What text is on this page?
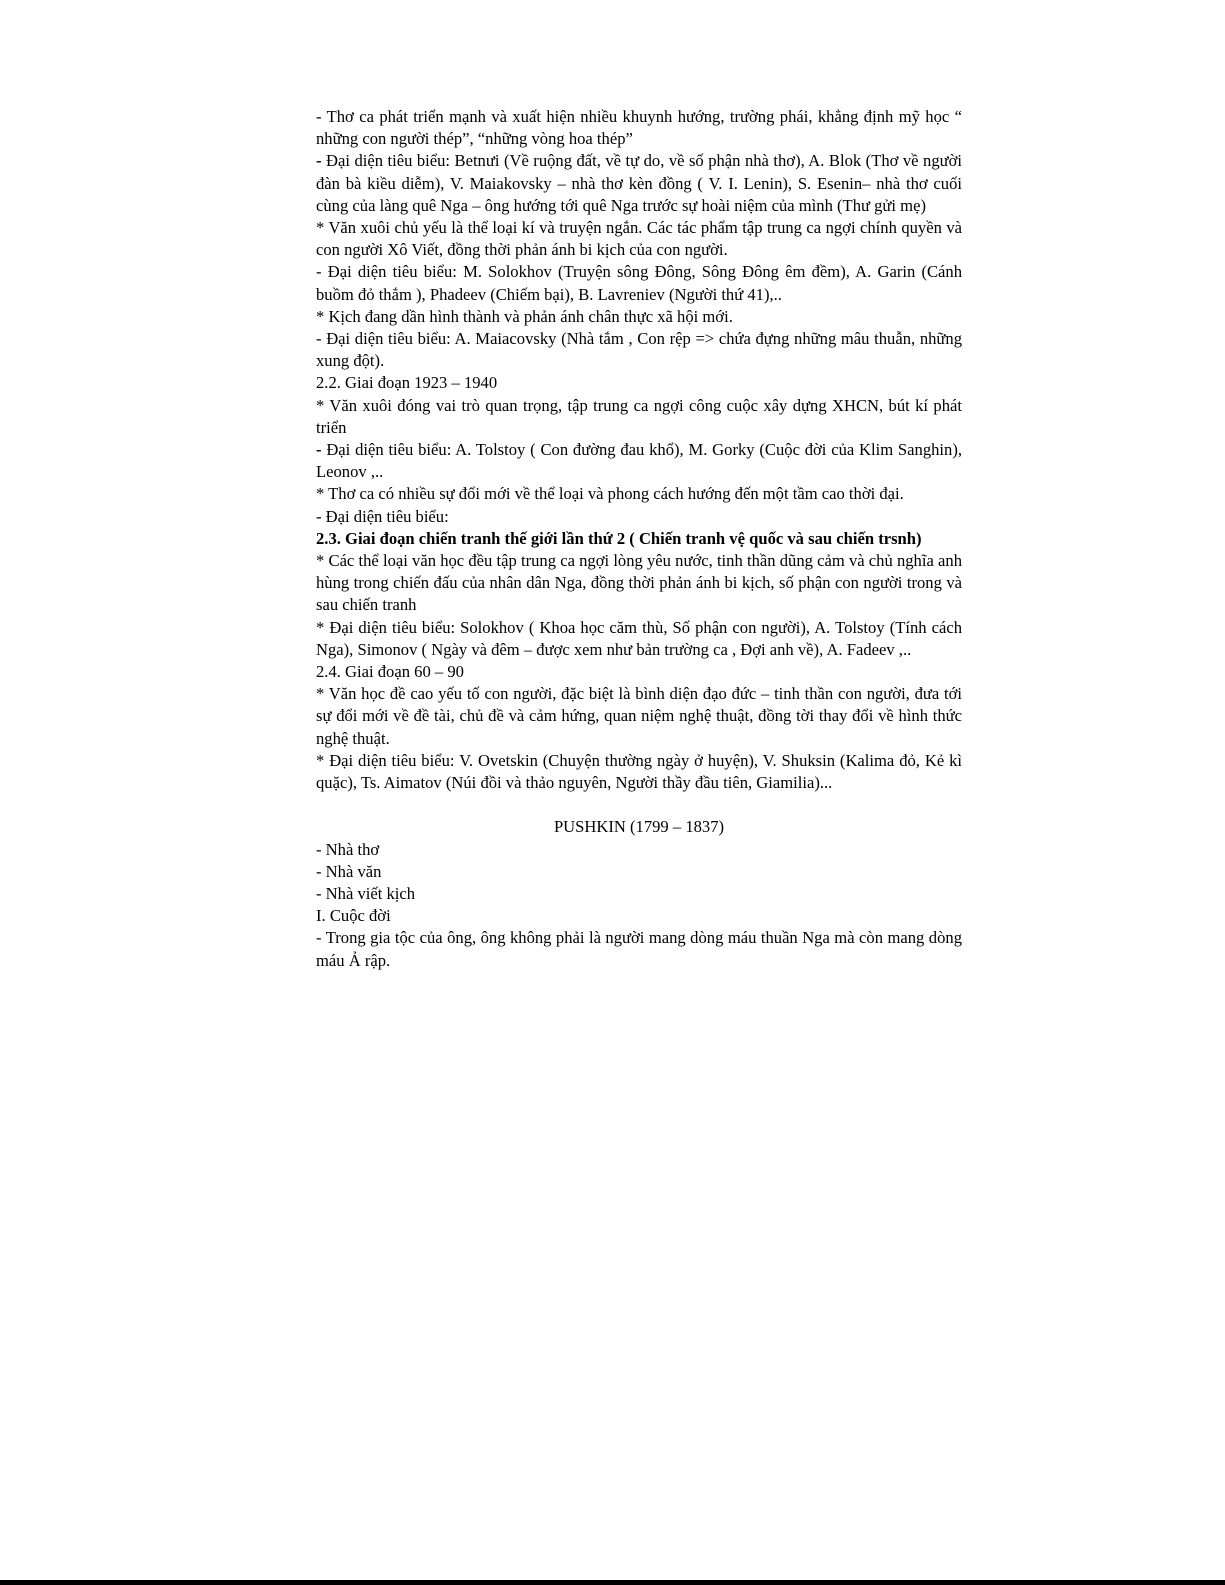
- Thơ ca phát triển mạnh và xuất hiện nhiều khuynh hướng, trường phái, khẳng định mỹ học “ những con người thép”, “những vòng hoa thép”

- Đại diện tiêu biểu: Betnưi (Về ruộng đất, về tự do, về số phận nhà thơ), A. Blok (Thơ về người đàn bà kiều diễm), V. Maiakovsky – nhà thơ kèn đồng ( V. I. Lenin), S. Esenin– nhà thơ cuối cùng của làng quê Nga – ông hướng tới quê Nga trước sự hoài niệm của mình (Thư gửi mẹ)

* Văn xuôi chủ yếu là thể loại kí và truyện ngắn. Các tác phẩm tập trung ca ngợi chính quyền và con người Xô Viết, đồng thời phản ánh bi kịch của con người.

- Đại diện tiêu biểu: M. Solokhov (Truyện sông Đông, Sông Đông êm đềm), A. Garin (Cánh buồm đỏ thắm ), Phadeev (Chiếm bại), B. Lavreniev (Người thứ 41),..

* Kịch đang dần hình thành và phản ánh chân thực xã hội mới.

- Đại diện tiêu biểu: A. Maiacovsky (Nhà tắm , Con rệp => chứa đựng những mâu thuẫn, những xung đột).

2.2. Giai đoạn 1923 – 1940

* Văn xuôi đóng vai trò quan trọng, tập trung ca ngợi công cuộc xây dựng XHCN, bút kí phát triển

- Đại diện tiêu biểu: A. Tolstoy ( Con đường đau khổ), M. Gorky (Cuộc đời của Klim Sanghin), Leonov ,..

* Thơ ca có nhiều sự đổi mới về thể loại và phong cách hướng đến một tầm cao thời đại.

- Đại diện tiêu biểu:

2.3. Giai đoạn chiến tranh thế giới lần thứ 2 ( Chiến tranh vệ quốc và sau chiến trsnh)

* Các thể loại văn học đều tập trung ca ngợi lòng yêu nước, tinh thần dũng cảm và chủ nghĩa anh hùng trong chiến đấu của nhân dân Nga, đồng thời phản ánh bi kịch, số phận con người trong và sau chiến tranh

* Đại diện tiêu biểu: Solokhov ( Khoa học căm thù, Số phận con người), A. Tolstoy (Tính cách Nga), Simonov ( Ngày và đêm – được xem như bản trường ca , Đợi anh về), A. Fadeev ,..

2.4. Giai đoạn 60 – 90

* Văn học đề cao yếu tố con người, đặc biệt là bình diện đạo đức – tinh thần con người, đưa tới sự đổi mới về đề tài, chủ đề và cảm hứng, quan niệm nghệ thuật, đồng tời thay đổi về hình thức nghệ thuật.

* Đại diện tiêu biểu: V. Ovetskin (Chuyện thường ngày ở huyện), V. Shuksin (Kalima đỏ, Kẻ kì quặc), Ts. Aimatov (Núi đồi và thảo nguyên, Người thầy đầu tiên, Giamilia)...

PUSHKIN (1799 – 1837)

- Nhà thơ

- Nhà văn

- Nhà viết kịch

I. Cuộc đời

- Trong gia tộc của ông, ông không phải là người mang dòng máu thuần Nga mà còn mang dòng máu Ả rập.
